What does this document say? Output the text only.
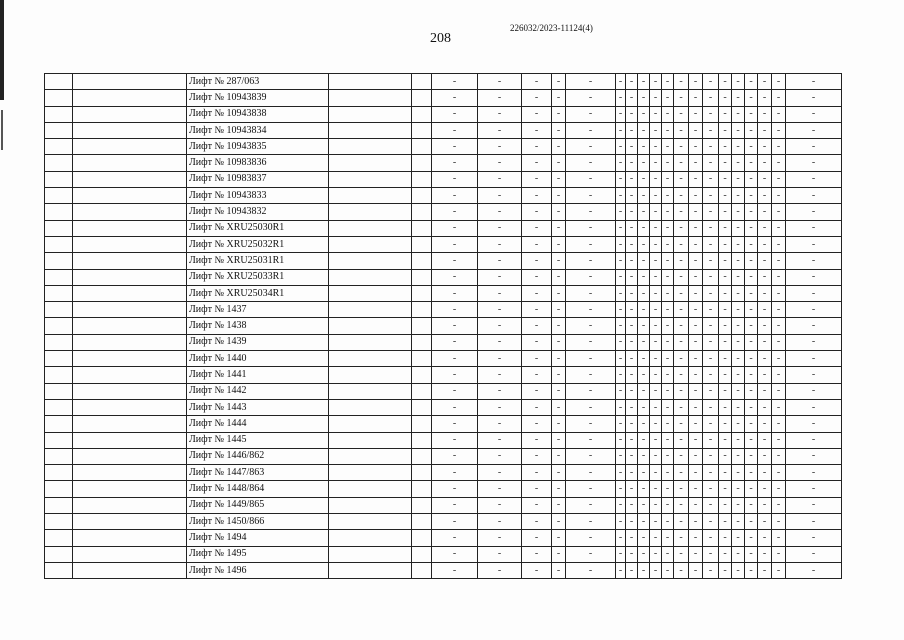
208
226032/2023-11124(4)
		Лифт № 287/063			-	-	-	-	-	-	-	-	-	-	-	-	-	-	-	-	-	-	-
		Лифт № 10943839			-	-	-	-	-	-	-	-	-	-	-	-	-	-	-	-	-	-	-
		Лифт № 10943838			-	-	-	-	-	-	-	-	-	-	-	-	-	-	-	-	-	-	-
		Лифт № 10943834			-	-	-	-	-	-	-	-	-	-	-	-	-	-	-	-	-	-	-
		Лифт № 10943835			-	-	-	-	-	-	-	-	-	-	-	-	-	-	-	-	-	-	-
		Лифт № 10983836			-	-	-	-	-	-	-	-	-	-	-	-	-	-	-	-	-	-	-
		Лифт № 10983837			-	-	-	-	-	-	-	-	-	-	-	-	-	-	-	-	-	-	-
		Лифт № 10943833			-	-	-	-	-	-	-	-	-	-	-	-	-	-	-	-	-	-	-
		Лифт № 10943832			-	-	-	-	-	-	-	-	-	-	-	-	-	-	-	-	-	-	-
		Лифт № XRU25030R1			-	-	-	-	-	-	-	-	-	-	-	-	-	-	-	-	-	-	-
		Лифт № XRU25032R1			-	-	-	-	-	-	-	-	-	-	-	-	-	-	-	-	-	-	-
		Лифт № XRU25031R1			-	-	-	-	-	-	-	-	-	-	-	-	-	-	-	-	-	-	-
		Лифт № XRU25033R1			-	-	-	-	-	-	-	-	-	-	-	-	-	-	-	-	-	-	-
		Лифт № XRU25034R1			-	-	-	-	-	-	-	-	-	-	-	-	-	-	-	-	-	-	-
		Лифт № 1437			-	-	-	-	-	-	-	-	-	-	-	-	-	-	-	-	-	-	-
		Лифт № 1438			-	-	-	-	-	-	-	-	-	-	-	-	-	-	-	-	-	-	-
		Лифт № 1439			-	-	-	-	-	-	-	-	-	-	-	-	-	-	-	-	-	-	-
		Лифт № 1440			-	-	-	-	-	-	-	-	-	-	-	-	-	-	-	-	-	-	-
		Лифт № 1441			-	-	-	-	-	-	-	-	-	-	-	-	-	-	-	-	-	-	-
		Лифт № 1442			-	-	-	-	-	-	-	-	-	-	-	-	-	-	-	-	-	-	-
		Лифт № 1443			-	-	-	-	-	-	-	-	-	-	-	-	-	-	-	-	-	-	-
		Лифт № 1444			-	-	-	-	-	-	-	-	-	-	-	-	-	-	-	-	-	-	-
		Лифт № 1445			-	-	-	-	-	-	-	-	-	-	-	-	-	-	-	-	-	-	-
		Лифт № 1446/862			-	-	-	-	-	-	-	-	-	-	-	-	-	-	-	-	-	-	-
		Лифт № 1447/863			-	-	-	-	-	-	-	-	-	-	-	-	-	-	-	-	-	-	-
		Лифт № 1448/864			-	-	-	-	-	-	-	-	-	-	-	-	-	-	-	-	-	-	-
		Лифт № 1449/865			-	-	-	-	-	-	-	-	-	-	-	-	-	-	-	-	-	-	-
		Лифт № 1450/866			-	-	-	-	-	-	-	-	-	-	-	-	-	-	-	-	-	-	-
		Лифт № 1494			-	-	-	-	-	-	-	-	-	-	-	-	-	-	-	-	-	-	-
		Лифт № 1495			-	-	-	-	-	-	-	-	-	-	-	-	-	-	-	-	-	-	-
		Лифт № 1496			-	-	-	-	-	-	-	-	-	-	-	-	-	-	-	-	-	-	-
